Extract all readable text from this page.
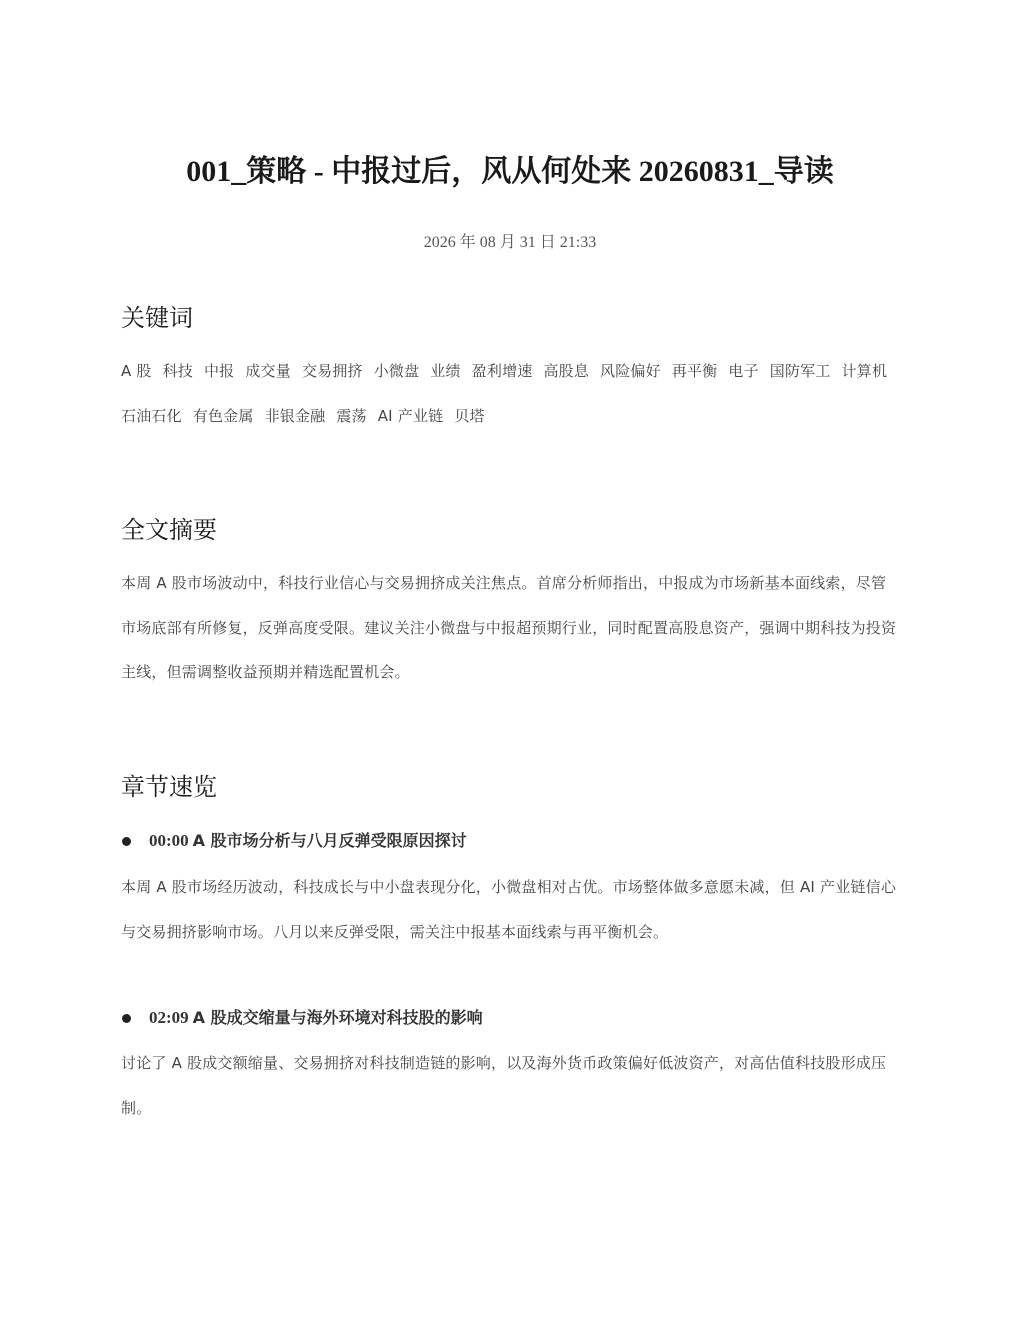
001_策略 - 中报过后，风从何处来 20260831_导读
2026 年 08 月 31 日 21:33
关键词

A 股 科技 中报 成交量 交易拥挤 小微盘 业绩 盈利增速 高股息 风险偏好 再平衡 电子 国防军工 计算机 石油石化 有色金属 非银金融 震荡 AI 产业链 贝塔

全文摘要

本周 A 股市场波动中，科技行业信心与交易拥挤成关注焦点。首席分析师指出，中报成为市场新基本面线索，尽管市场底部有所修复，反弹高度受限。建议关注小微盘与中报超预期行业，同时配置高股息资产，强调中期科技为投资主线，但需调整收益预期并精选配置机会。

章节速览
00:00 A 股市场分析与八月反弹受限原因探讨

本周 A 股市场经历波动，科技成长与中小盘表现分化，小微盘相对占优。市场整体做多意愿未减，但 AI 产业链信心与交易拥挤影响市场。八月以来反弹受限，需关注中报基本面线索与再平衡机会。

02:09 A 股成交缩量与海外环境对科技股的影响

讨论了 A 股成交额缩量、交易拥挤对科技制造链的影响，以及海外货币政策偏好低波资产，对高估值科技股形成压制。
